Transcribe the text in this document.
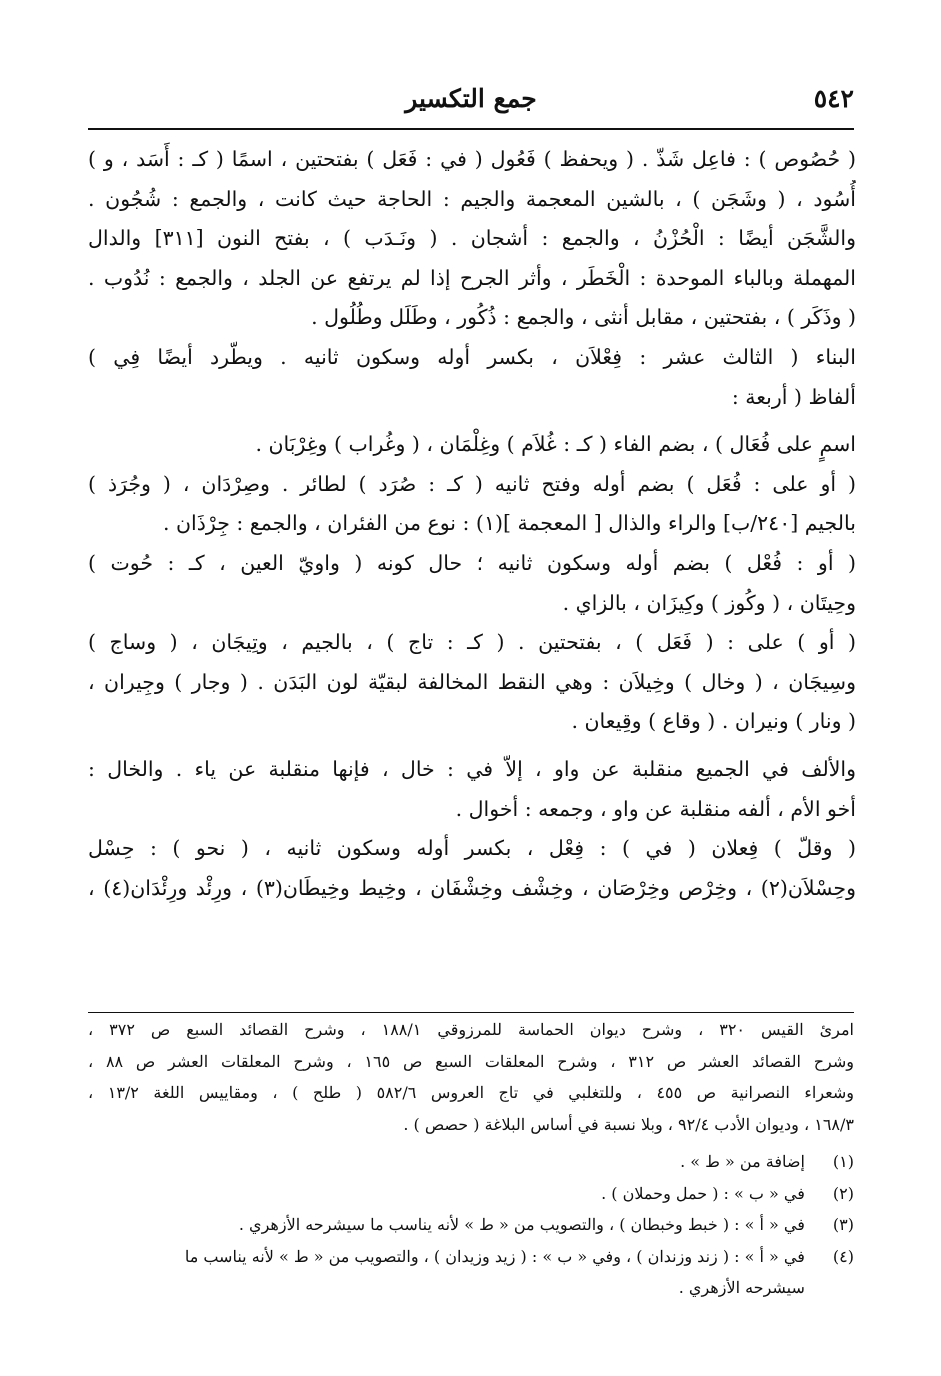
٥٤٢
جمع التكسير
( حُصُوص ) : فاعِل شَذّ . ( ويحفظ ) فَعُول ( في : فَعَل ) بفتحتين ، اسمًا ( كـ : أَسَد ، و )
أُسُود ، ( وشَجَن ) ، بالشين المعجمة والجيم : الحاجة حيث كانت ، والجمع : شُجُون .
والشَّجَن أيضًا : الْحُزْنُ ، والجمع : أشجان . ( ونَـدَب ) ، بفتح النون [٣١١] والدال
المهملة وبالباء الموحدة : الْخَطَر ، وأثر الجرح إذا لم يرتفع عن الجلد ، والجمع : نُدُوب .
( وذَكَر ) ، بفتحتين ، مقابل أنثى ، والجمع : ذُكُور ، وطَلَل وطُلُول .
البناء ( الثالث عشر : فِعْلاَن ، بكسر أوله وسكون ثانيه . ويطّرد أيضًا فِي )
ألفاظ ( أربعة :
اسمٍ على فُعَال ) ، بضم الفاء ( كـ : غُلاَم ) وغِلْمَان ، ( وغُراب ) وغِرْبَان .
( أو على : فُعَل ) بضم أوله وفتح ثانيه ( كـ : صُرَد ) لطائر . وصِرْدَان ، ( وجُرَذ )
بالجيم [٢٤٠/ب] والراء والذال [ المعجمة ](١) : نوع من الفئران ، والجمع : جِرْذَان .
( أو : فُعْل ) بضم أوله وسكون ثانيه ؛ حال كونه ( واويّ العين ، كـ : حُوت )
وحِيتَان ، ( وكُوز ) وكِيزَان ، بالزاي .
( أو ) على : ( فَعَل ) ، بفتحتين . ( كـ : تاج ) ، بالجيم ، وتِيجَان ، ( وساج )
وسِيجَان ، ( وخال ) وخِيلاَن : وهي النقط المخالفة لبقيّة لون البَدَن . ( وجار ) وجِيران ،
( ونار ) ونيران . ( وقاع ) وقِيعان .
والألف في الجميع منقلبة عن واو ، إلاّ في : خال ، فإنها منقلبة عن ياء . والخال :
أخو الأم ، ألفه منقلبة عن واو ، وجمعه : أخوال .
( وقلّ ) فِعلان ( في ) : فِعْل ، بكسر أوله وسكون ثانيه ، ( نحو ) : حِسْل
وحِسْلاَن(٢) ، وخِرْص وخِرْصَان ، وخِشْف وخِشْفَان ، وخِيط وخِيطَان(٣) ، ورِئْد ورِئْدَان(٤) ،
امرئ القيس ٣٢٠ ، وشرح ديوان الحماسة للمرزوقي ١٨٨/١ ، وشرح القصائد السبع ص ٣٧٢ ،
وشرح القصائد العشر ص ٣١٢ ، وشرح المعلقات السبع ص ١٦٥ ، وشرح المعلقات العشر ص ٨٨ ،
وشعراء النصرانية ص ٤٥٥ ، وللتغلبي في تاج العروس ٥٨٢/٦ ( طلح ) ، ومقاييس اللغة ١٣/٢ ،
١٦٨/٣ ، وديوان الأدب ٩٢/٤ ، وبلا نسبة في أساس البلاغة ( حصص ) .
(١) إضافة من « ط » .
(٢) في « ب » : ( حمل وحملان ) .
(٣) في « أ » : ( خبط وخبطان ) ، والتصويب من « ط » لأنه يناسب ما سيشرحه الأزهري .
(٤) في « أ » : ( زند وزندان ) ، وفي « ب » : ( زيد وزيدان ) ، والتصويب من « ط » لأنه يناسب ما
سيشرحه الأزهري .
